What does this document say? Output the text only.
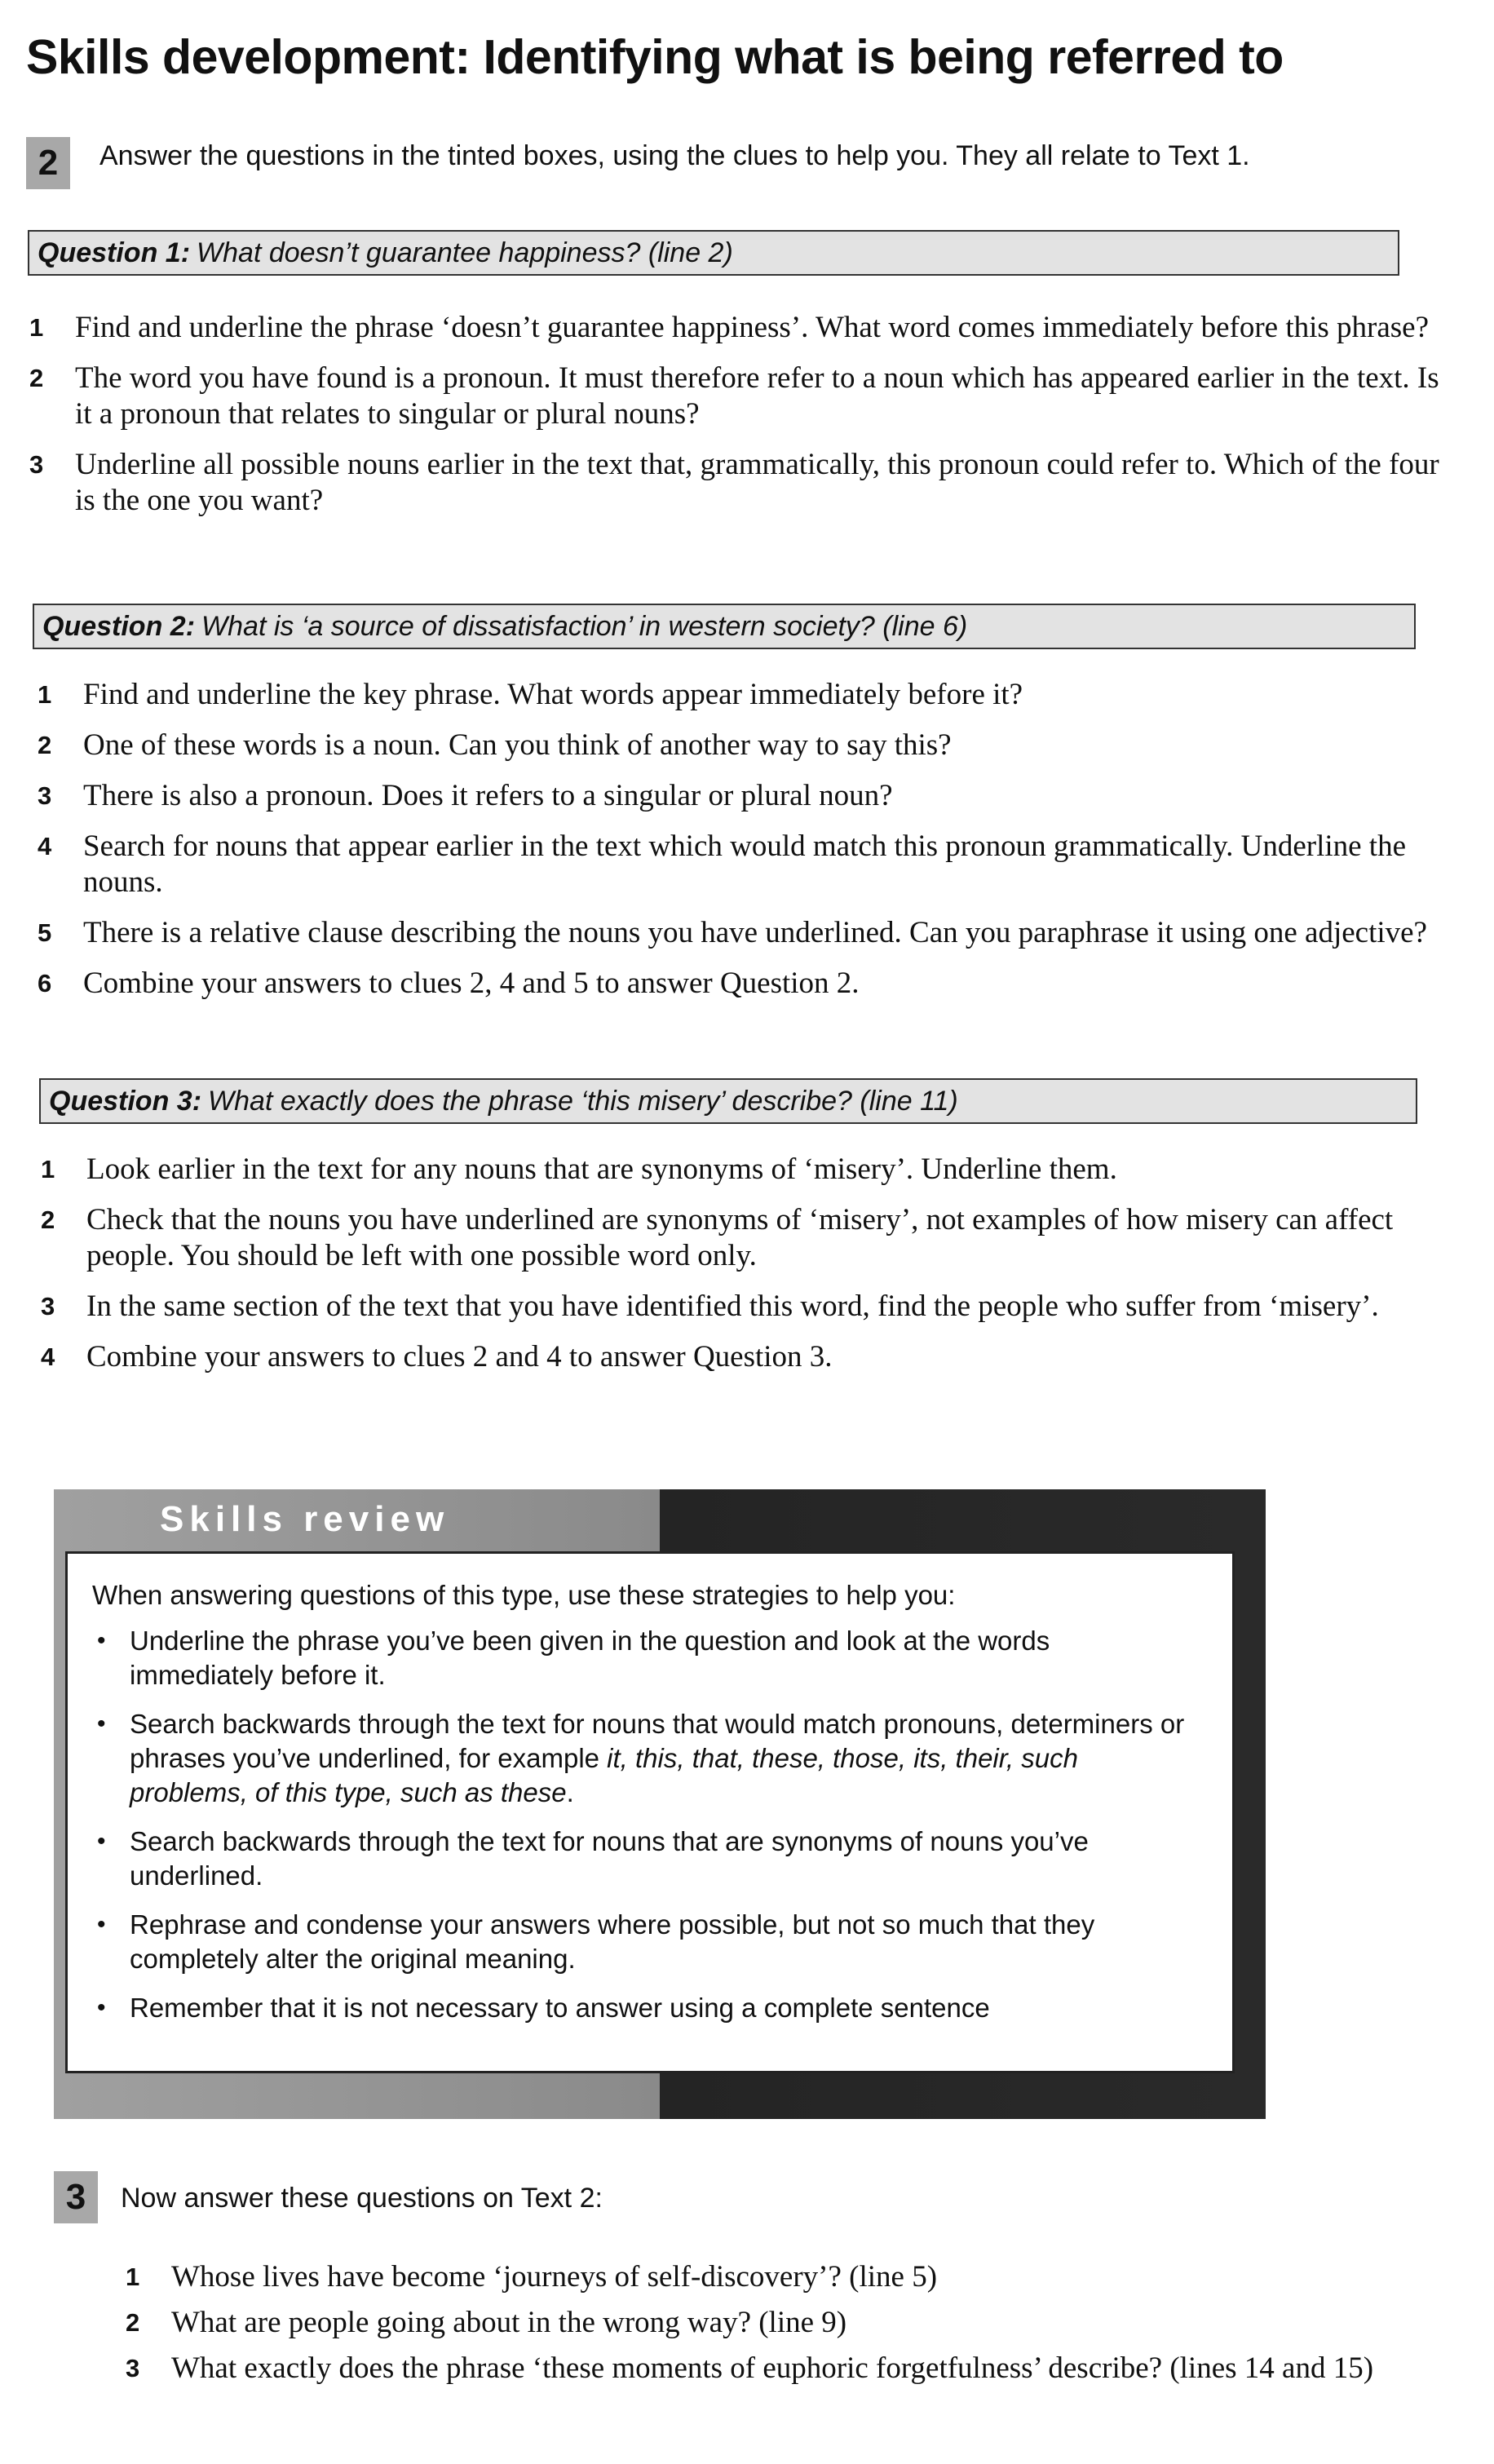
Skills development: Identifying what is being referred to
2	Answer the questions in the tinted boxes, using the clues to help you. They all relate to Text 1.
Question 1: What doesn’t guarantee happiness? (line 2)
1 Find and underline the phrase ‘doesn’t guarantee happiness’. What word comes immediately before this phrase?
2 The word you have found is a pronoun. It must therefore refer to a noun which has appeared earlier in the text. Is it a pronoun that relates to singular or plural nouns?
3 Underline all possible nouns earlier in the text that, grammatically, this pronoun could refer to. Which of the four is the one you want?
Question 2: What is ‘a source of dissatisfaction’ in western society? (line 6)
1 Find and underline the key phrase. What words appear immediately before it?
2 One of these words is a noun. Can you think of another way to say this?
3 There is also a pronoun. Does it refers to a singular or plural noun?
4 Search for nouns that appear earlier in the text which would match this pronoun grammatically. Underline the nouns.
5 There is a relative clause describing the nouns you have underlined. Can you paraphrase it using one adjective?
6 Combine your answers to clues 2, 4 and 5 to answer Question 2.
Question 3: What exactly does the phrase ‘this misery’ describe? (line 11)
1 Look earlier in the text for any nouns that are synonyms of ‘misery’. Underline them.
2 Check that the nouns you have underlined are synonyms of ‘misery’, not examples of how misery can affect people. You should be left with one possible word only.
3 In the same section of the text that you have identified this word, find the people who suffer from ‘misery’.
4 Combine your answers to clues 2 and 4 to answer Question 3.
Skills review
When answering questions of this type, use these strategies to help you:
• Underline the phrase you’ve been given in the question and look at the words immediately before it.
• Search backwards through the text for nouns that would match pronouns, determiners or phrases you’ve underlined, for example it, this, that, these, those, its, their, such problems, of this type, such as these.
• Search backwards through the text for nouns that are synonyms of nouns you’ve underlined.
• Rephrase and condense your answers where possible, but not so much that they completely alter the original meaning.
• Remember that it is not necessary to answer using a complete sentence
3	Now answer these questions on Text 2:
1 Whose lives have become ‘journeys of self-discovery’? (line 5)
2 What are people going about in the wrong way? (line 9)
3 What exactly does the phrase ‘these moments of euphoric forgetfulness’ describe? (lines 14 and 15)
